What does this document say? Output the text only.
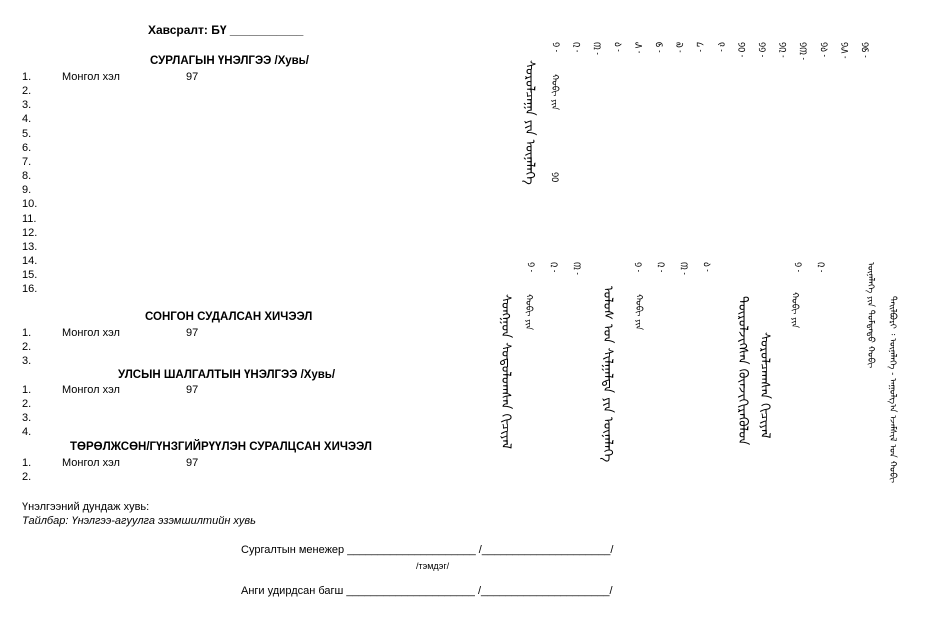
Хавсралт: БҮ ___________
СУРЛАГЫН ҮНЭЛГЭЭ /Хувь/
СОНГОН СУДАЛСАН ХИЧЭЭЛ
УЛСЫН ШАЛГАЛТЫН ҮНЭЛГЭЭ /Хувь/
ТӨРӨЛЖСӨН/ГҮНЗГИЙРҮҮЛЭН СУРАЛЦСАН ХИЧЭЭЛ
1.	Монгол хэл	97
2.
3.
4.
5.
6.
7.
8.
9.
10.
11.
12.
13.
14.
15.
16.
1.	Монгол хэл	97
2.
3.
1.	Монгол хэл	97
2.
3.
4.
1.	Монгол хэл	97
2.
Үнэлгээний дундаж хувь:
Тайлбар: Үнэлгээ-агуулга эзэмшилтийн хувь
Сургалтын менежер _____________________ /_____________________/
/тэмдэг/
Анги удирдсан багш _____________________ /_____________________/
ᠰᠤᠷᠤᠯᠴᠠᠭᠠ ᠶᠢᠨ ᠦᠨᠡᠯᠡᠭᠡ ᠬᠤᠪᠢ ᠶᠢᠨ
᠑᠐
᠑ ᠊ ᠒ ᠊ ᠓ ᠊ ᠔ ᠊ ᠕ ᠊ ᠖ ᠊ ᠗ ᠊ ᠘ ᠊ ᠙ ᠊ ᠑᠐ ᠊ ᠑᠑ ᠊ ᠑᠒ ᠊ ᠑᠓ ᠊ ᠑᠔ ᠊ ᠑᠕ ᠊ ᠑᠖ ᠊
ᠰᠣᠩᠭᠣᠨ ᠰᠤᠳᠤᠯᠤᠭᠰᠠᠨ ᠬᠢᠴᠢᠶᠡᠯ ᠬᠤᠪᠢ ᠶᠢᠨ
᠑ ᠊ ᠒ ᠊ ᠓ ᠊
ᠤᠯᠤᠰ ᠤᠨ ᠰᠢᠯᠭᠠᠯᠲᠠ ᠶᠢᠨ ᠦᠨᠡᠯᠡᠭᠡ ᠬᠤᠪᠢ ᠶᠢᠨ
᠑ ᠊ ᠒ ᠊ ᠓ ᠊ ᠔ ᠊
ᠲᠥᠷᠥᠯᠵᠢᠭᠰᠡᠨ ᠭᠦᠨᠵᠢᠭᠢᠷᠡᠭᠦᠯᠦᠨ ᠰᠤᠷᠤᠯᠴᠠᠭᠰᠠᠨ ᠬᠢᠴᠢᠶᠡᠯ
ᠬᠤᠪᠢ ᠶᠢᠨ
᠑ ᠊ ᠒ ᠊	ᠦᠨᠡᠯᠡᠭᠡ ᠶᠢᠨ ᠳᠤᠮᠳᠠᠳᠤ ᠬᠤᠪᠢ ᠲᠠᠢᠯᠪᠤᠷᠢ ᠄ ᠦᠨᠡᠯᠡᠭᠡ - ᠠᠭᠤᠯᠭ᠎ᠠ ᠡᠵᠡᠮᠰᠢᠯ ᠤᠨ ᠬᠤᠪᠢ
